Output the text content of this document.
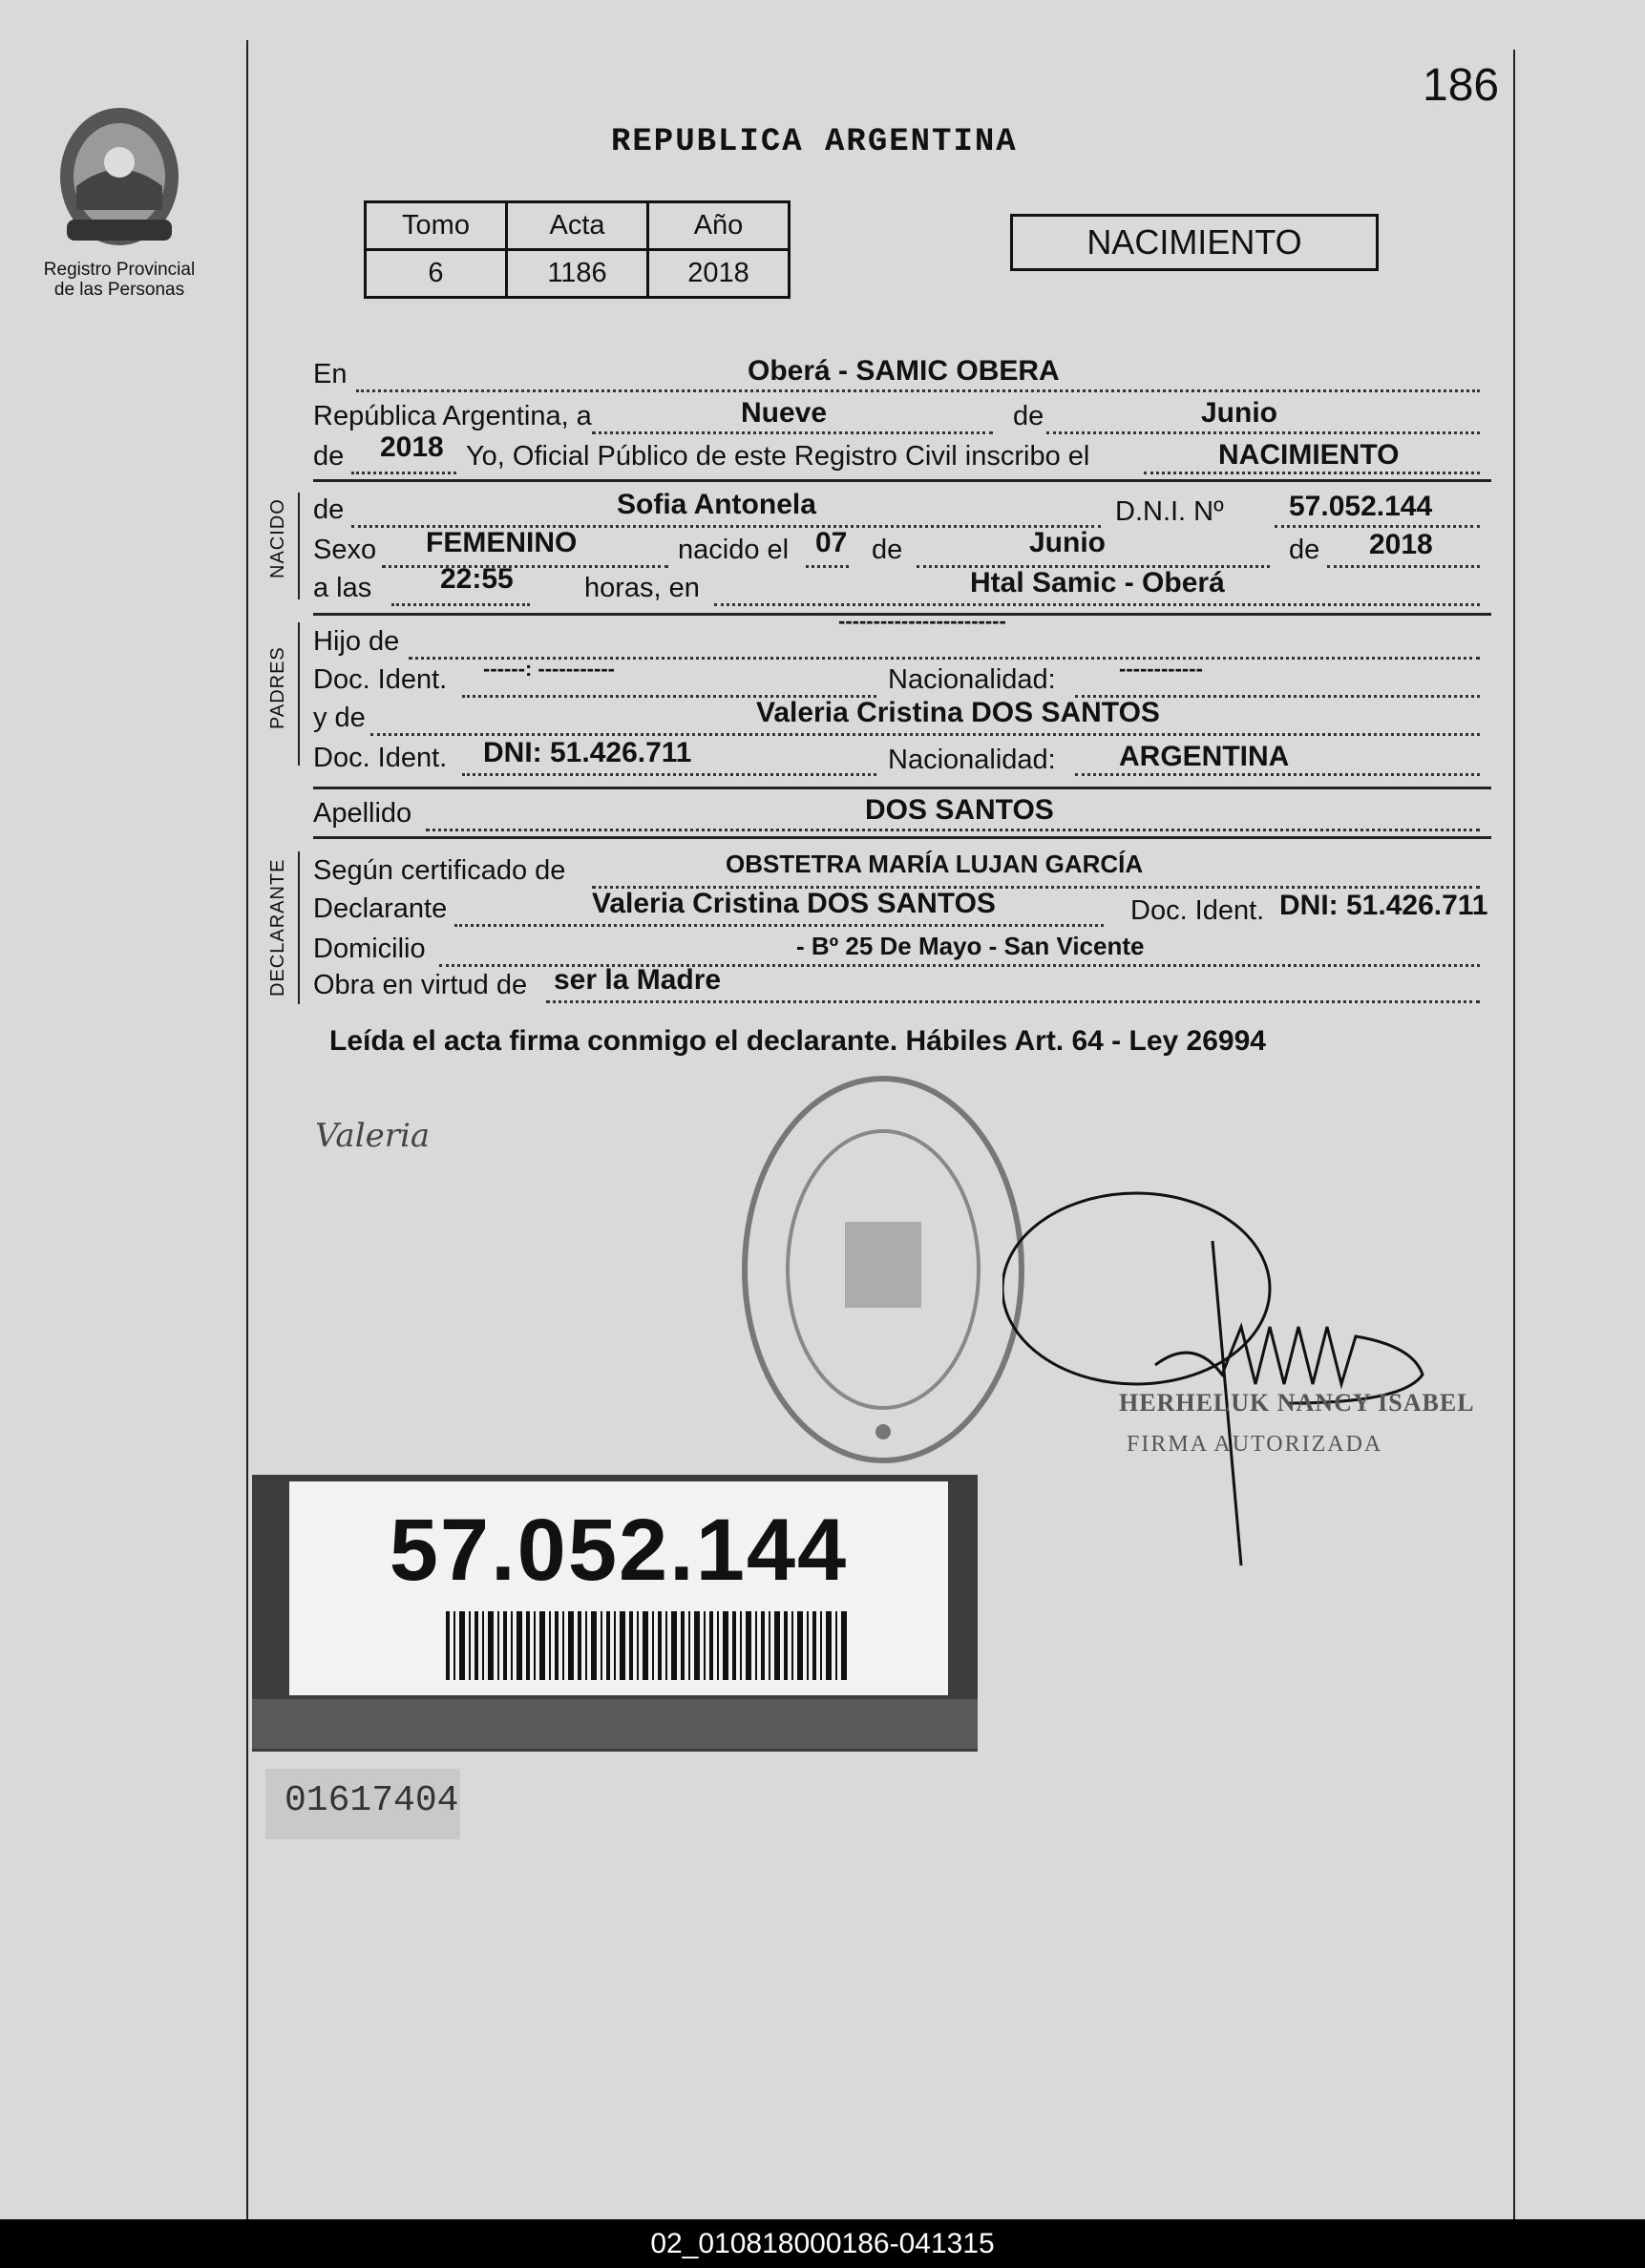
Registro Provincial
de las Personas
186
REPUBLICA ARGENTINA
Tomo	Acta	Año
6	1186	2018
NACIMIENTO
En	Oberá - SAMIC OBERA
República Argentina, a	Nueve	de	Junio
de 2018 Yo, Oficial Público de este Registro Civil inscribo el	NACIMIENTO
NACIDO de	Sofia Antonela	D.N.I. Nº 57.052.144
Sexo FEMENINO	nacido el 07 de	Junio	de 2018
a las 22:55	horas, en	Htal Samic - Oberá
PADRES
Hijo de
------------------------
Doc. Ident. ------: -----------	Nacionalidad:	------------
y de	Valeria Cristina DOS SANTOS
Doc. Ident. DNI: 51.426.711	Nacionalidad: ARGENTINA
Apellido	DOS SANTOS
DECLARANTE Según certificado de	OBSTETRA MARÍA LUJAN GARCÍA
Declarante	Valeria Cristina DOS SANTOS	Doc. Ident. DNI: 51.426.711
Domicilio	- Bº 25 De Mayo - San Vicente
Obra en virtud de ser la Madre
Leída el acta firma conmigo el declarante. Hábiles Art. 64 - Ley 26994
Valeria
HERHELUK NANCY ISABEL
FIRMA AUTORIZADA
57.052.144
01617404
02_010818000186-041315
